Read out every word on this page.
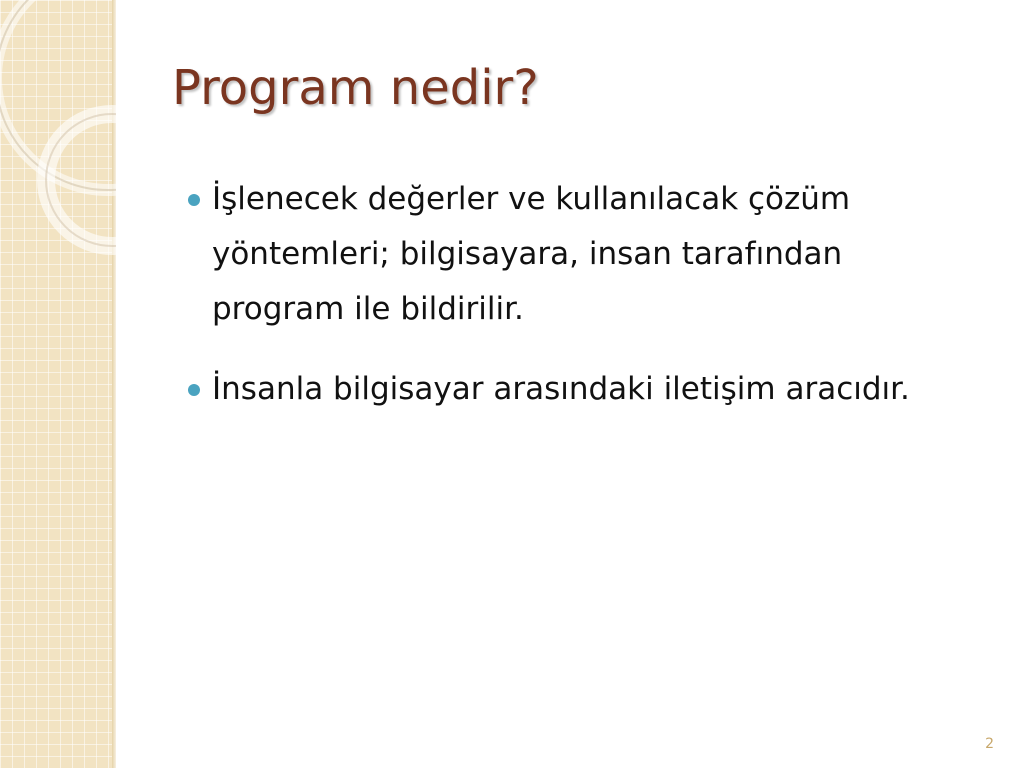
Program nedir?
İşlenecek değerler ve kullanılacak çözüm yöntemleri; bilgisayara, insan tarafından program ile bildirilir.
İnsanla bilgisayar arasındaki iletişim aracıdır.
2
